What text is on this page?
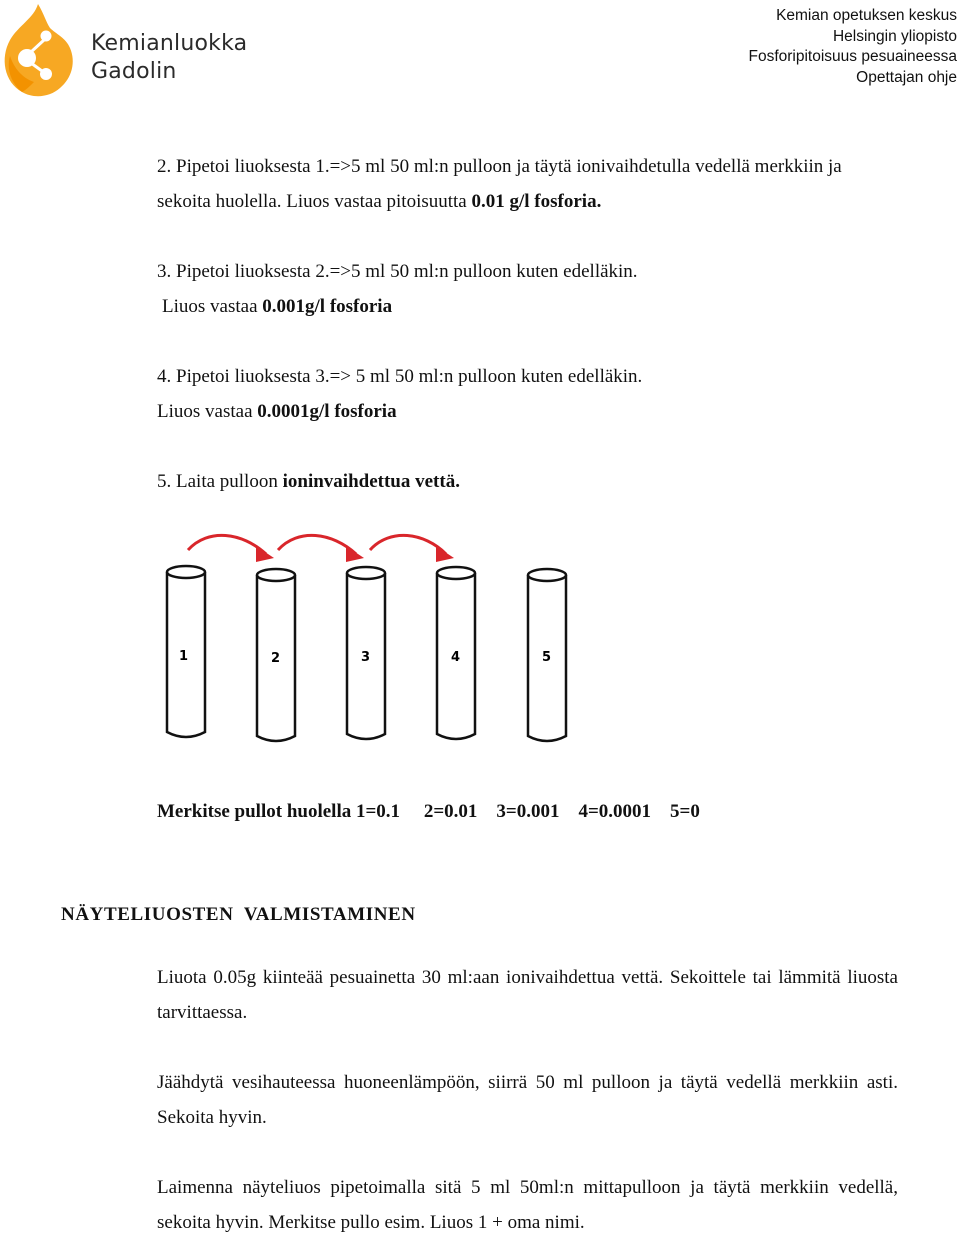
Kemianluokka
Gadolin
Kemian opetuksen keskus
Helsingin yliopisto
Fosforipitoisuus pesuaineessa
Opettajan ohje

2. Pipetoi liuoksesta 1.=>5 ml 50 ml:n pulloon ja täytä ionivaihdetulla vedellä merkkiin ja sekoita huolella. Liuos vastaa pitoisuutta 0.01 g/l fosforia.

3. Pipetoi liuoksesta 2.=>5 ml 50 ml:n pulloon kuten edelläkin.

Liuos vastaa 0.001g/l fosforia

4. Pipetoi liuoksesta 3.=> 5 ml 50 ml:n pulloon kuten edelläkin.

Liuos vastaa 0.0001g/l fosforia

5. Laita pulloon ioninvaihdettua vettä.

1	2	3	4	5

Merkitse pullot huolella 1=0.1 2=0.01 3=0.001 4=0.0001 5=0

NÄYTELIUOSTEN  VALMISTAMINEN

Liuota 0.05g kiinteää pesuainetta 30 ml:aan ionivaihdettua vettä. Sekoittele tai lämmitä liuosta tarvittaessa.

Jäähdytä vesihauteessa huoneenlämpöön, siirrä 50 ml pulloon ja täytä vedellä merkkiin asti. Sekoita hyvin.

Laimenna näyteliuos pipetoimalla sitä 5 ml 50ml:n mittapulloon ja täytä merkkiin vedellä, sekoita hyvin. Merkitse pullo esim. Liuos 1 + oma nimi.
